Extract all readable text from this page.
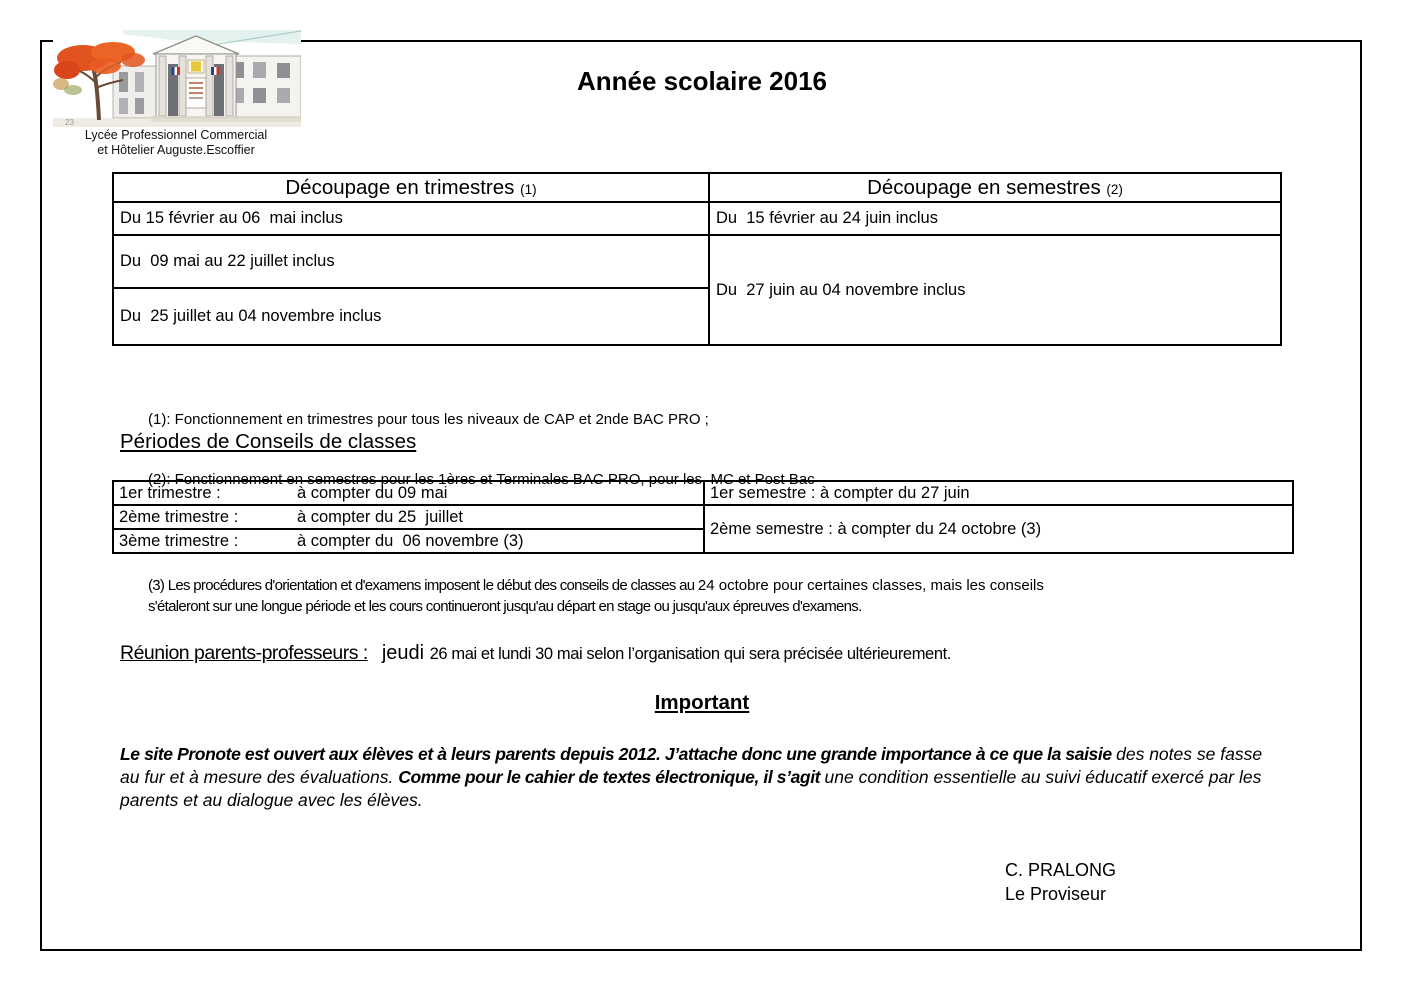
23
Lycée Professionnel Commercial
et Hôtelier Auguste.Escoffier
Année scolaire 2016
Découpage en trimestres (1)	Découpage en semestres (2)
Du 15 février au 06  mai inclus	Du  15 février au 24 juin inclus
Du  09 mai au 22 juillet inclus	Du  27 juin au 04 novembre inclus
Du  25 juillet au 04 novembre inclus	

(1): Fonctionnement en trimestres pour tous les niveaux de CAP et 2nde BAC PRO ;

(2): Fonctionnement en semestres pour les 1ères et Terminales BAC PRO, pour les  MC et Post Bac

Périodes de Conseils de classes
1er trimestre : à compter du 09 mai	1er semestre : à compter du 27 juin
2ème trimestre : à compter du 25  juillet	2ème semestre : à compter du 24 octobre (3)
3ème trimestre : à compter du  06 novembre (3)	
(3) Les procédures d'orientation et d'examens imposent le début des conseils de classes au 24 octobre pour certaines classes, mais les conseils
s'étaleront sur une longue période et les cours continueront jusqu'au départ en stage ou jusqu'aux épreuves d'examens.
Réunion parents-professeurs : jeudi 26 mai et lundi 30 mai selon l’organisation qui sera précisée ultérieurement.
Important
Le site Pronote est ouvert aux élèves et à leurs parents depuis 2012. J’attache donc une grande importance à ce que la saisie des notes se fasse au fur et à mesure des évaluations. Comme pour le cahier de textes électronique, il s’agit une condition essentielle au suivi éducatif exercé par les parents et au dialogue avec les élèves.
C. PRALONG
Le Proviseur
